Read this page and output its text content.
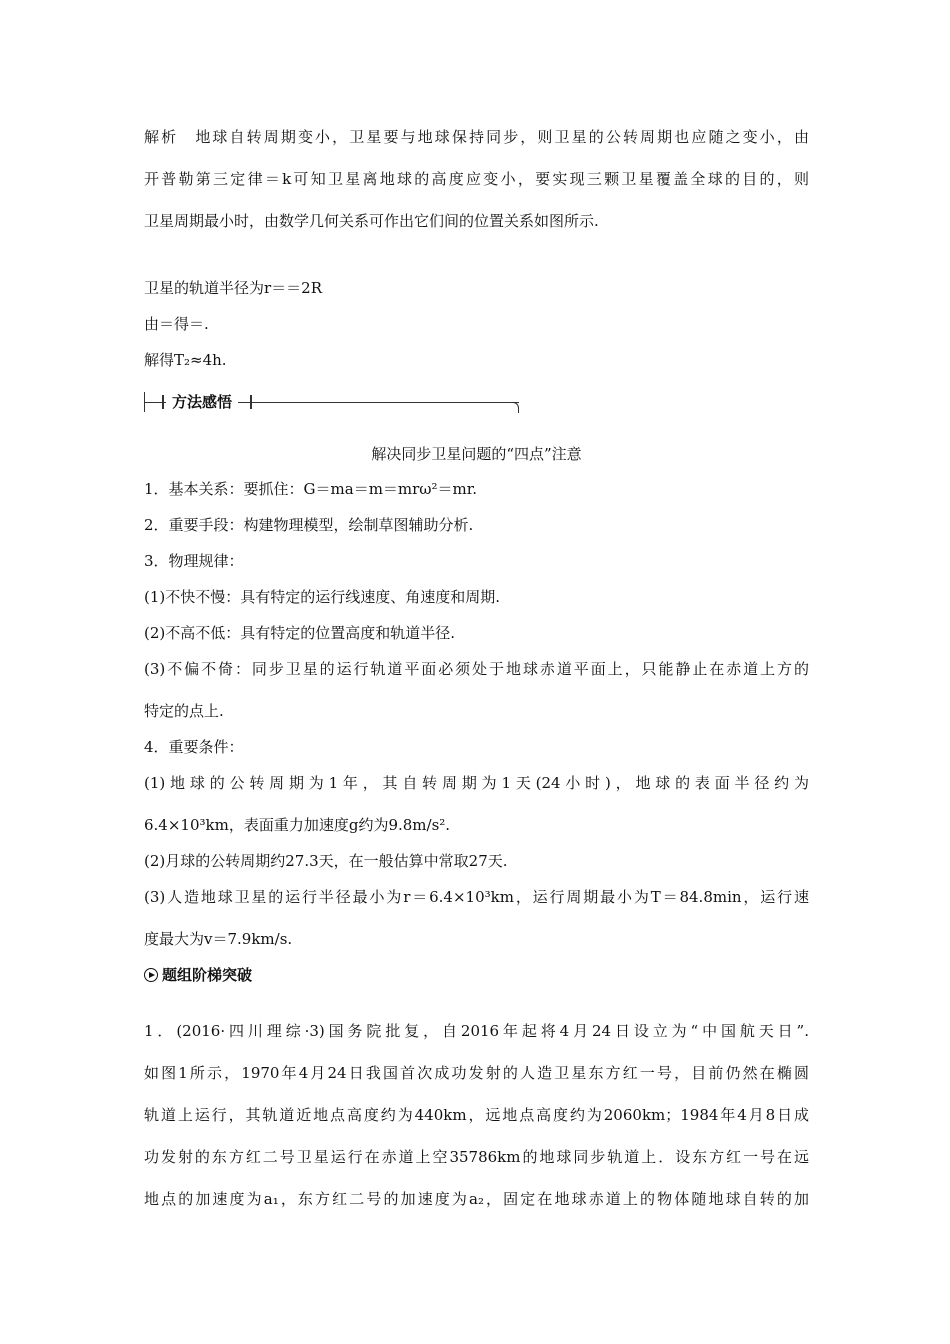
解析　地球自转周期变小，卫星要与地球保持同步，则卫星的公转周期也应随之变小，由
开普勒第三定律＝k可知卫星离地球的高度应变小，要实现三颗卫星覆盖全球的目的，则
卫星周期最小时，由数学几何关系可作出它们间的位置关系如图所示.
卫星的轨道半径为r＝＝2R
由＝得＝.
解得T₂≈4h.
方法感悟
解决同步卫星问题的“四点”注意
1．基本关系：要抓住：G＝ma＝m＝mrω²＝mr.
2．重要手段：构建物理模型，绘制草图辅助分析.
3．物理规律：
(1)不快不慢：具有特定的运行线速度、角速度和周期.
(2)不高不低：具有特定的位置高度和轨道半径.
(3)不偏不倚：同步卫星的运行轨道平面必须处于地球赤道平面上，只能静止在赤道上方的
特定的点上.
4．重要条件：
(1)地球的公转周期为1年，其自转周期为1天(24小时)，地球的表面半径约为
6.4×10³km，表面重力加速度g约为9.8m/s².
(2)月球的公转周期约27.3天，在一般估算中常取27天.
(3)人造地球卫星的运行半径最小为r＝6.4×10³km，运行周期最小为T＝84.8min，运行速
度最大为v＝7.9km/s.
题组阶梯突破
1．(2016·四川理综·3)国务院批复，自2016年起将4月24日设立为“中国航天日”.
如图1所示，1970年4月24日我国首次成功发射的人造卫星东方红一号，目前仍然在椭圆
轨道上运行，其轨道近地点高度约为440km，远地点高度约为2060km；1984年4月8日成
功发射的东方红二号卫星运行在赤道上空35786km的地球同步轨道上．设东方红一号在远
地点的加速度为a₁，东方红二号的加速度为a₂，固定在地球赤道上的物体随地球自转的加
